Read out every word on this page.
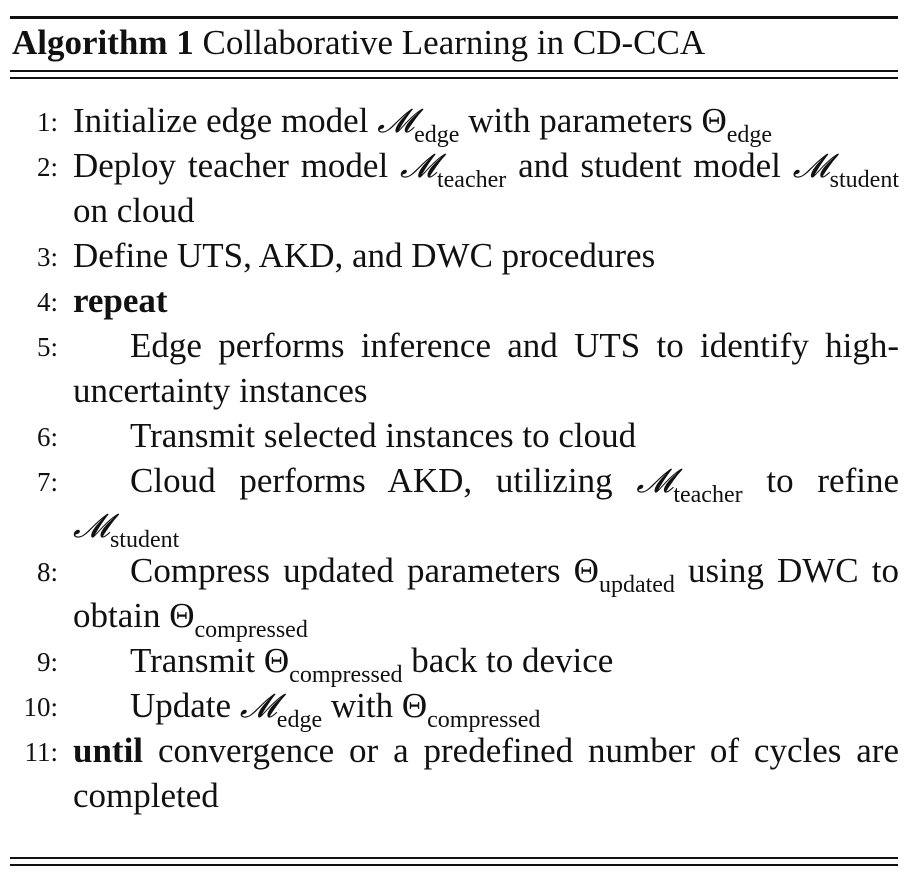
Algorithm 1 Collaborative Learning in CD-CCA
1: Initialize edge model 𝓜$_{edge}$ with parameters $\Theta_{edge}$
2: Deploy teacher model 𝓜$_{teacher}$ and student model 𝓜$_{student}$ on cloud
3: Define UTS, AKD, and DWC procedures
4: repeat
5:	Edge performs inference and UTS to identify high-uncertainty instances
6:	Transmit selected instances to cloud
7:	Cloud performs AKD, utilizing 𝓜$_{teacher}$ to refine 𝓜$_{student}$
8:	Compress updated parameters $\Theta_{updated}$ using DWC to obtain $\Theta_{compressed}$
9:	Transmit $\Theta_{compressed}$ back to device
10:	Update 𝓜$_{edge}$ with $\Theta_{compressed}$
11: until convergence or a predefined number of cycles are completed
